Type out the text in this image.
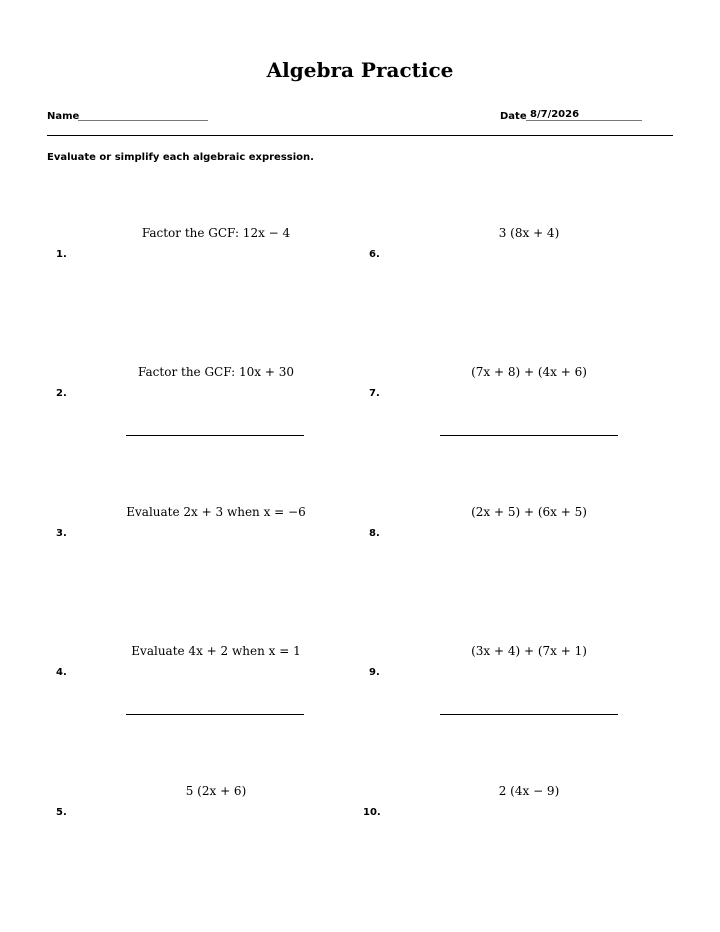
Algebra Practice
Name	Date 8/7/2026
Evaluate or simplify each algebraic expression.
Factor the GCF: 12x − 4
1.
Factor the GCF: 10x + 30
2.
Evaluate 2x + 3 when x = −6
3.
Evaluate 4x + 2 when x = 1
4.
5 (2x + 6)
5.
3 (8x + 4)
6.
(7x + 8) + (4x + 6)
7.
(2x + 5) + (6x + 5)
8.
(3x + 4) + (7x + 1)
9.
2 (4x − 9)
10.
